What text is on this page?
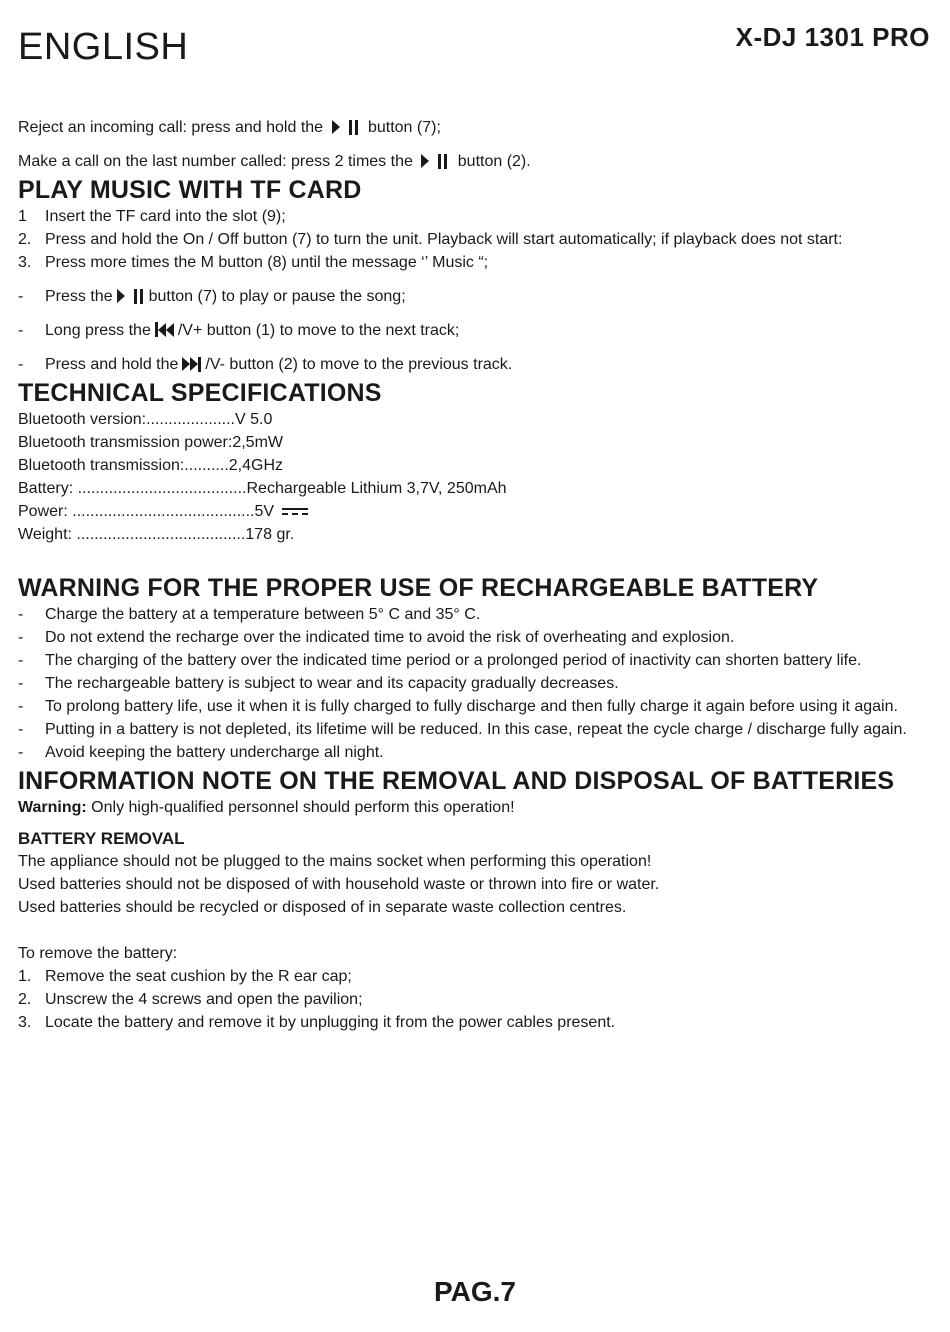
ENGLISH	X-DJ 1301 PRO

Reject an incoming call: press and hold the	button (7);

Make a call on the last number called: press 2 times the	button (2).

PLAY MUSIC WITH TF CARD
1	Insert the TF card into the slot (9);
2. Press and hold the On / Off button (7) to turn the unit. Playback will start automatically; if playback does not start:
3. Press more times the M button (8) until the message ‘’ Music “;
-	Press the button (7) to play or pause the song;
-	Long press the /V+ button (1) to move to the next track;
-	Press and hold the /V- button (2) to move to the previous track.
TECHNICAL SPECIFICATIONS
Bluetooth version:....................V 5.0
Bluetooth transmission power:2,5mW
Bluetooth transmission:..........2,4GHz
Battery: ......................................Rechargeable Lithium 3,7V, 250mAh
Power: .........................................5V
Weight: ......................................178 gr.
WARNING FOR THE PROPER USE OF RECHARGEABLE BATTERY
-	Charge the battery at a temperature between 5° C and 35° C.
-	Do not extend the recharge over the indicated time to avoid the risk of overheating and explosion.
-	The charging of the battery over the indicated time period or a prolonged period of inactivity can shorten battery life.
-	The rechargeable battery is subject to wear and its capacity gradually decreases.
-	To prolong battery life, use it when it is fully charged to fully discharge and then fully charge it again before using it again.
-	Putting in a battery is not depleted, its lifetime will be reduced. In this case, repeat the cycle charge / discharge fully again.
-	Avoid keeping the battery undercharge all night.
INFORMATION NOTE ON THE REMOVAL AND DISPOSAL OF BATTERIES
Warning: Only high-qualified personnel should perform this operation!
BATTERY REMOVAL
The appliance should not be plugged to the mains socket when performing this operation!
Used batteries should not be disposed of with household waste or thrown into fire or water.
Used batteries should be recycled or disposed of in separate waste collection centres.
To remove the battery:
1. Remove the seat cushion by the R ear cap;
2. Unscrew the 4 screws and open the pavilion;
3. Locate the battery and remove it by unplugging it from the power cables present.
PAG.7
